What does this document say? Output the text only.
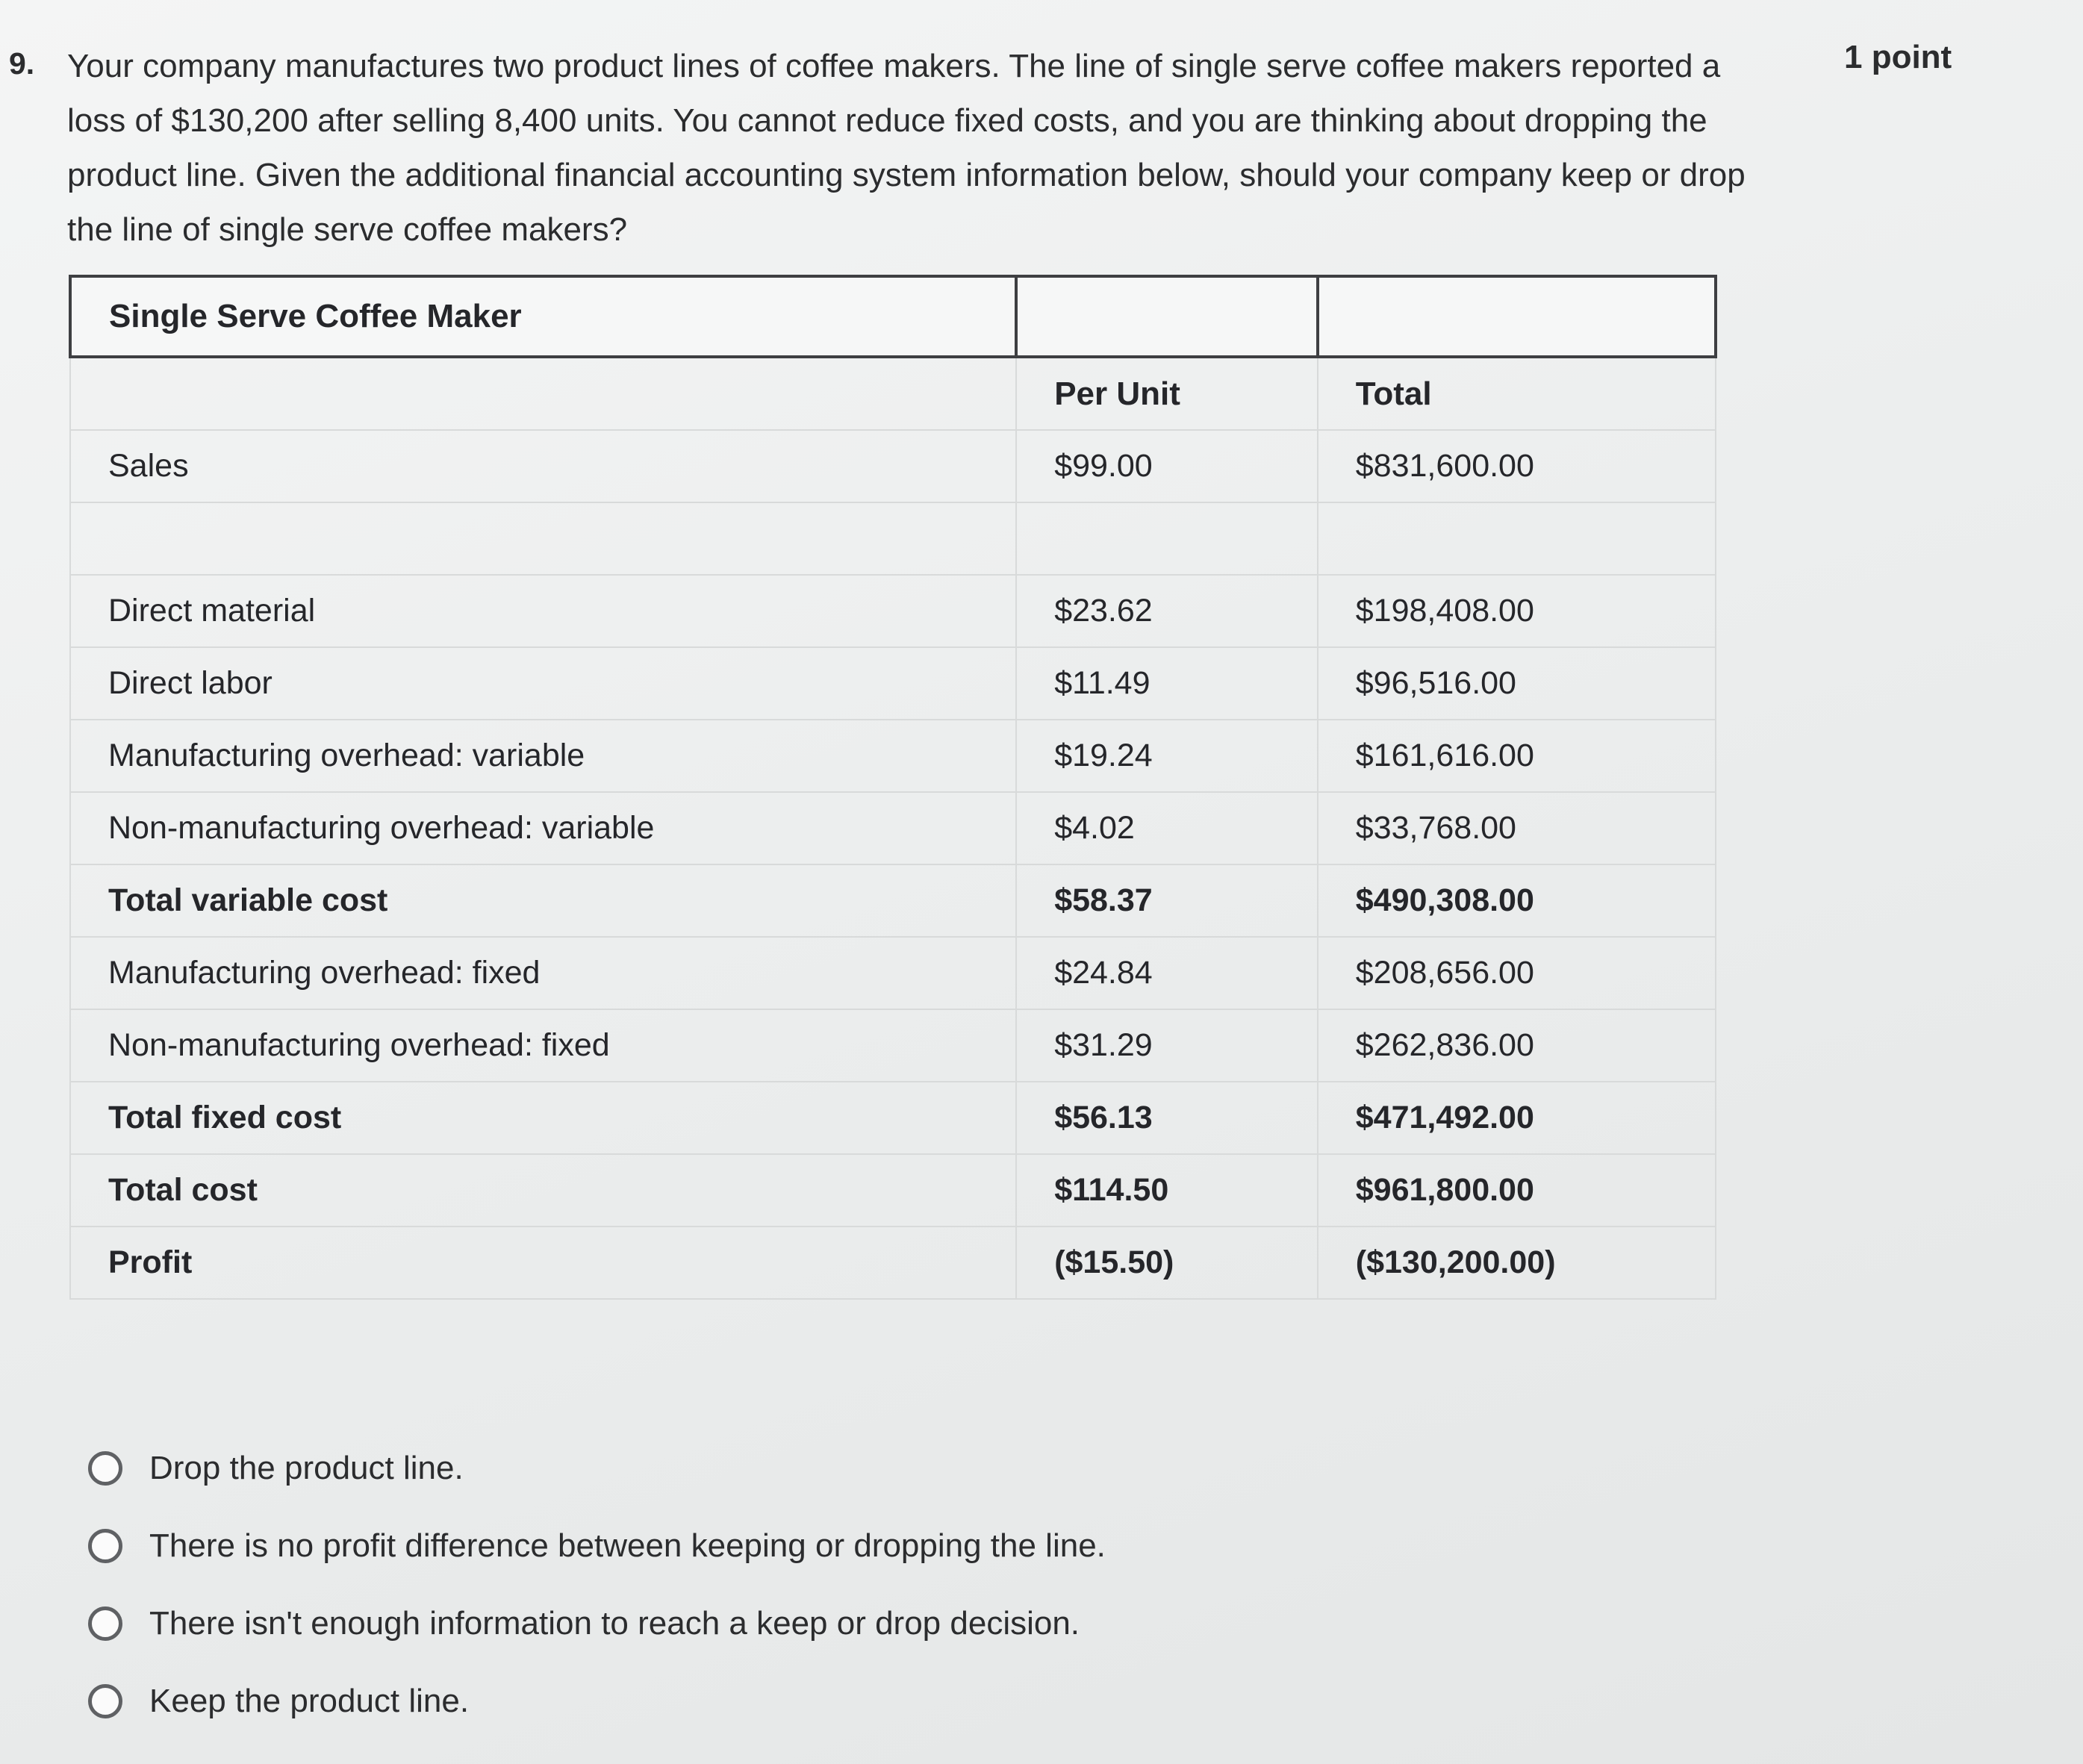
9. Your company manufactures two product lines of coffee makers. The line of single serve coffee makers reported a loss of $130,200 after selling 8,400 units. You cannot reduce fixed costs, and you are thinking about dropping the product line. Given the additional financial accounting system information below, should your company keep or drop the line of single serve coffee makers?

1 point
Single Serve Coffee Maker		
	Per Unit	Total
Sales	$99.00	$831,600.00

Direct material	$23.62	$198,408.00
Direct labor	$11.49	$96,516.00
Manufacturing overhead: variable	$19.24	$161,616.00
Non-manufacturing overhead: variable	$4.02	$33,768.00
Total variable cost	$58.37	$490,308.00
Manufacturing overhead: fixed	$24.84	$208,656.00
Non-manufacturing overhead: fixed	$31.29	$262,836.00
Total fixed cost	$56.13	$471,492.00
Total cost	$114.50	$961,800.00
Profit	($15.50)	($130,200.00)
Drop the product line.
There is no profit difference between keeping or dropping the line.
There isn't enough information to reach a keep or drop decision.
Keep the product line.
